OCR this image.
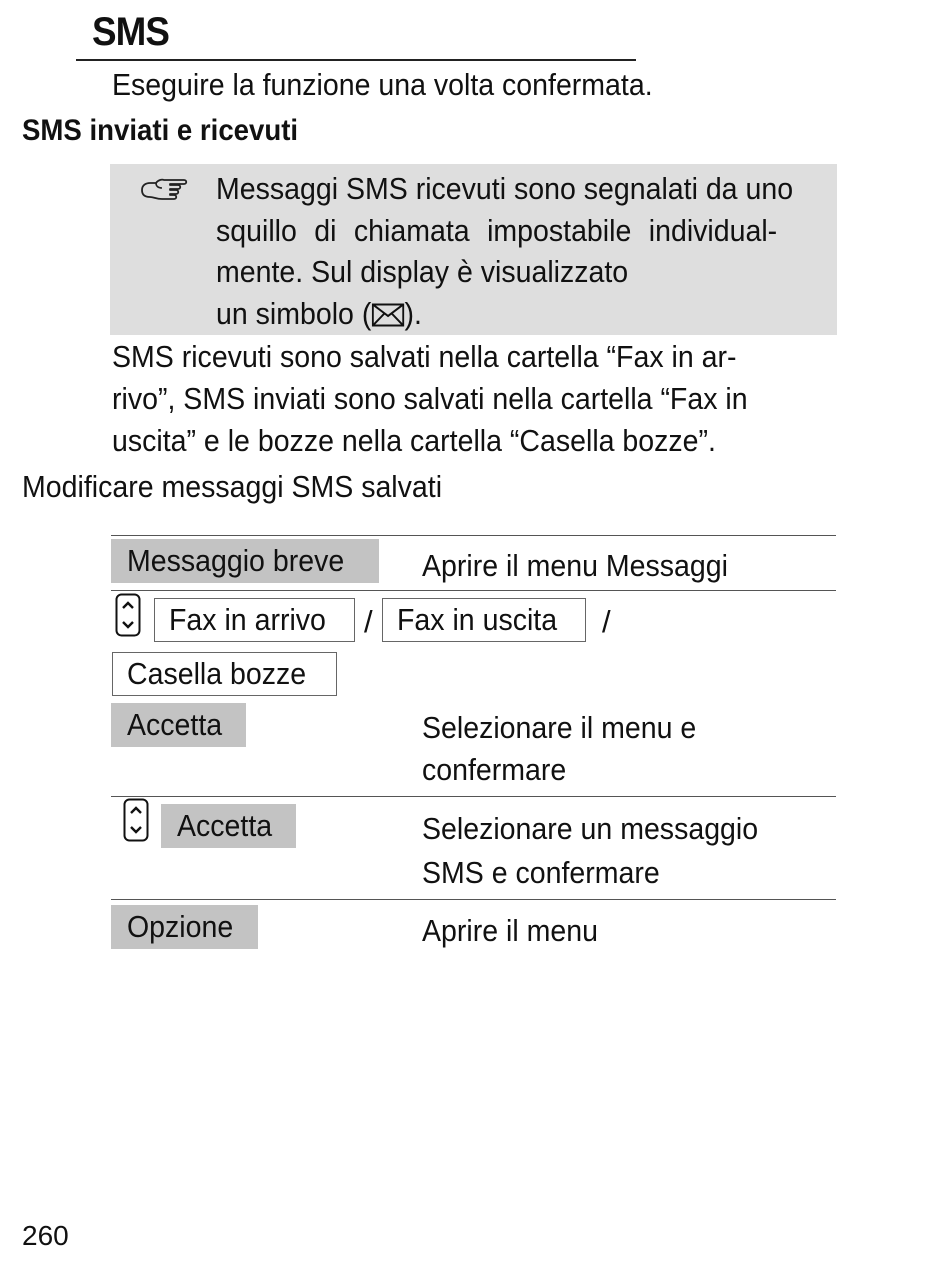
SMS
Eseguire la funzione una volta confermata.
SMS inviati e ricevuti
Messaggi SMS ricevuti sono segnalati da uno
squillo di chiamata impostabile individual-
mente. Sul display è visualizzato
un simbolo ( ).
SMS ricevuti sono salvati nella cartella “Fax in ar-
rivo”, SMS inviati sono salvati nella cartella “Fax in
uscita” e le bozze nella cartella “Casella bozze”.
Modificare messaggi SMS salvati
Messaggio breve	Aprire il menu Messaggi
Fax in arrivo	/ Fax in uscita	/
Casella bozze
Accetta	Selezionare il menu e
confermare
Accetta	Selezionare un messaggio
SMS e confermare
Opzione	Aprire il menu
260
